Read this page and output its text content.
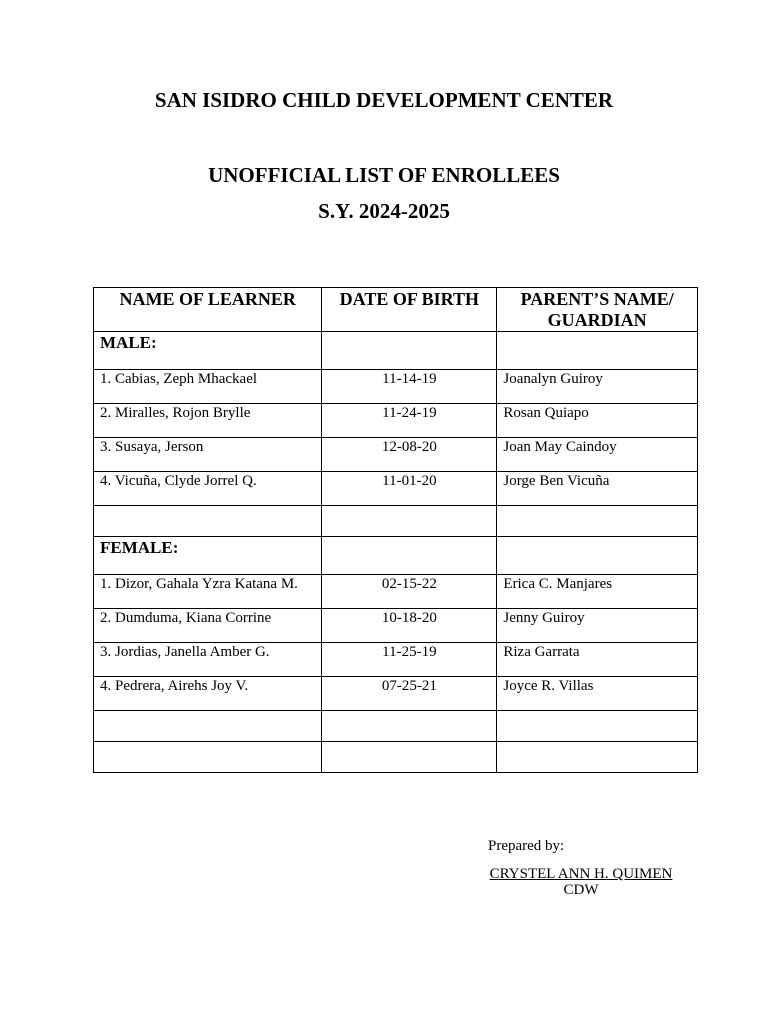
SAN ISIDRO CHILD DEVELOPMENT CENTER
UNOFFICIAL LIST OF ENROLLEES
S.Y. 2024-2025
NAME OF LEARNER	DATE OF BIRTH	PARENT’S NAME/ GUARDIAN
MALE:		
1. Cabias, Zeph Mhackael	11-14-19	Joanalyn Guiroy
2. Miralles, Rojon Brylle	11-24-19	Rosan Quiapo
3. Susaya, Jerson	12-08-20	Joan May Caindoy
4. Vicuña, Clyde Jorrel Q.	11-01-20	Jorge Ben Vicuña

FEMALE:		
1. Dizor, Gahala Yzra Katana M.	02-15-22	Erica C. Manjares
2. Dumduma, Kiana Corrine	10-18-20	Jenny Guiroy
3. Jordias, Janella Amber G.	11-25-19	Riza Garrata
4. Pedrera, Airehs Joy V.	07-25-21	Joyce R. Villas

Prepared by:
CRYSTEL ANN H. QUIMEN
CDW
